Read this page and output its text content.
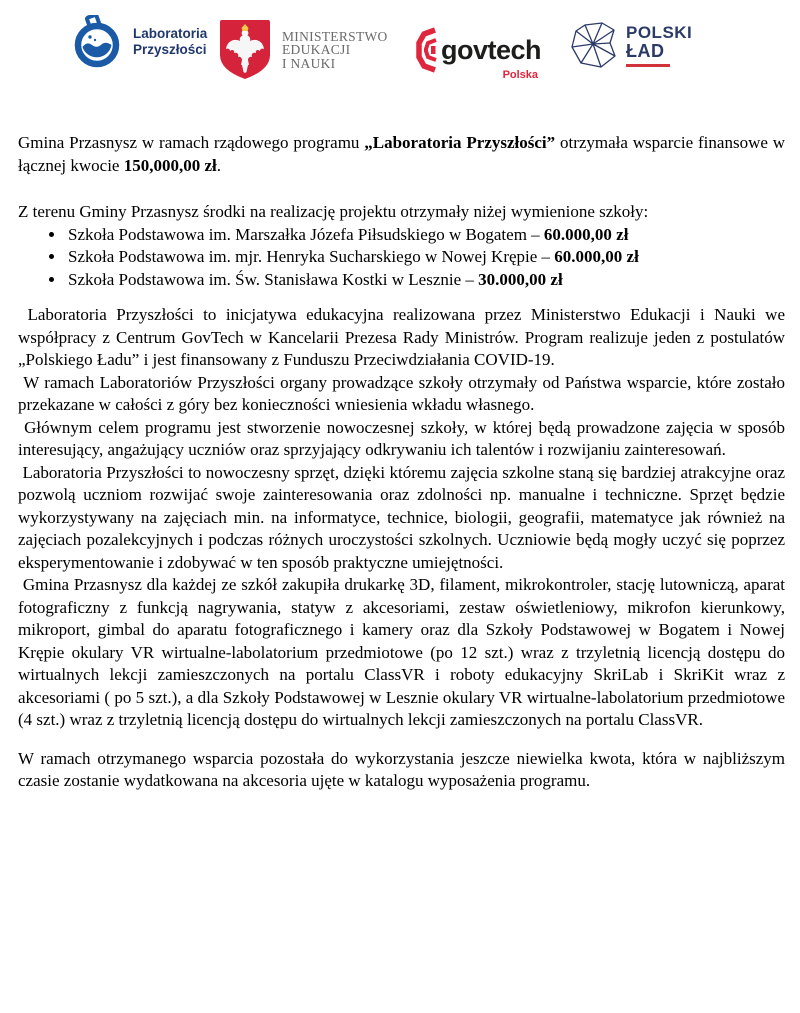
Laboratoria
Przyszłości
MINISTERSTWO
EDUKACJI
I NAUKI	govtech
Polska
POLSKI
ŁAD

Gmina Przasnysz w ramach rządowego programu „Laboratoria Przyszłości” otrzymała wsparcie finansowe w łącznej kwocie 150,000,00 zł.

Z terenu Gminy Przasnysz środki na realizację projektu otrzymały niżej wymienione szkoły:

• Szkoła Podstawowa im. Marszałka Józefa Piłsudskiego w Bogatem – 60.000,00 zł
• Szkoła Podstawowa im. mjr. Henryka Sucharskiego w Nowej Krępie – 60.000,00 zł
• Szkoła Podstawowa im. Św. Stanisława Kostki w Lesznie – 30.000,00 zł

Laboratoria Przyszłości to inicjatywa edukacyjna realizowana przez Ministerstwo Edukacji i Nauki we współpracy z Centrum GovTech w Kancelarii Prezesa Rady Ministrów. Program realizuje jeden z postulatów „Polskiego Ładu” i jest finansowany z Funduszu Przeciwdziałania COVID-19.

W ramach Laboratoriów Przyszłości organy prowadzące szkoły otrzymały od Państwa wsparcie, które zostało przekazane w całości z góry bez konieczności wniesienia wkładu własnego.

Głównym celem programu jest stworzenie nowoczesnej szkoły, w której będą prowadzone zajęcia w sposób interesujący, angażujący uczniów oraz sprzyjający odkrywaniu ich talentów i rozwijaniu zainteresowań.

Laboratoria Przyszłości to nowoczesny sprzęt, dzięki któremu zajęcia szkolne staną się bardziej atrakcyjne oraz pozwolą uczniom rozwijać swoje zainteresowania oraz zdolności np. manualne i techniczne. Sprzęt będzie wykorzystywany na zajęciach min. na informatyce, technice, biologii, geografii, matematyce jak również na zajęciach pozalekcyjnych i podczas różnych uroczystości szkolnych. Uczniowie będą mogły uczyć się poprzez eksperymentowanie i zdobywać w ten sposób praktyczne umiejętności.

Gmina Przasnysz dla każdej ze szkół zakupiła drukarkę 3D, filament, mikrokontroler, stację lutowniczą, aparat fotograficzny z funkcją nagrywania, statyw z akcesoriami, zestaw oświetleniowy, mikrofon kierunkowy, mikroport, gimbal do aparatu fotograficznego i kamery oraz dla Szkoły Podstawowej w Bogatem i Nowej Krępie okulary VR wirtualne-labolatorium przedmiotowe (po 12 szt.) wraz z trzyletnią licencją dostępu do wirtualnych lekcji zamieszczonych na portalu ClassVR i roboty edukacyjny SkriLab i SkriKit wraz z akcesoriami ( po 5 szt.), a dla Szkoły Podstawowej w Lesznie okulary VR wirtualne-labolatorium przedmiotowe (4 szt.) wraz z trzyletnią licencją dostępu do wirtualnych lekcji zamieszczonych na portalu ClassVR.

W ramach otrzymanego wsparcia pozostała do wykorzystania jeszcze niewielka kwota, która w najbliższym czasie zostanie wydatkowana na akcesoria ujęte w katalogu wyposażenia programu.
